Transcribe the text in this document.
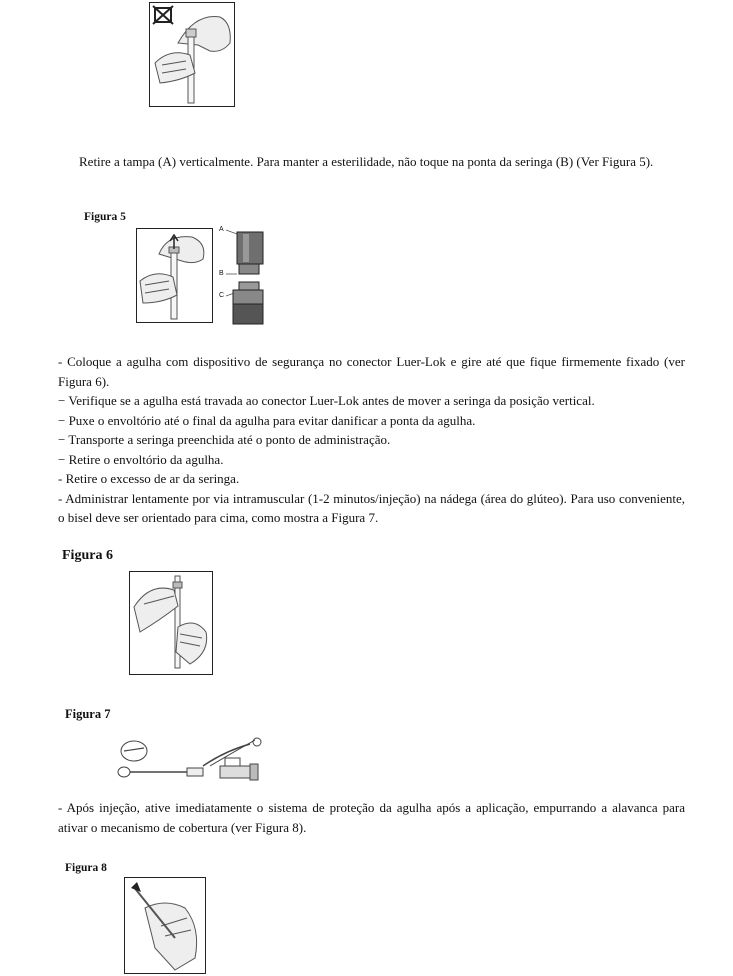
Retire a tampa (A) verticalmente. Para manter a esterilidade, não toque na ponta da seringa (B) (Ver Figura 5).
Figura 5
A
B
C
- Coloque a agulha com dispositivo de segurança no conector Luer-Lok e gire até que fique firmemente fixado (ver Figura 6).
− Verifique se a agulha está travada ao conector Luer-Lok antes de mover a seringa da posição vertical.
− Puxe o envoltório até o final da agulha para evitar danificar a ponta da agulha.
− Transporte a seringa preenchida até o ponto de administração.
− Retire o envoltório da agulha.
- Retire o excesso de ar da seringa.
- Administrar lentamente por via intramuscular (1-2 minutos/injeção) na nádega (área do glúteo). Para uso conveniente, o bisel deve ser orientado para cima, como mostra a Figura 7.
Figura 6
Figura 7
- Após injeção, ative imediatamente o sistema de proteção da agulha após a aplicação, empurrando a alavanca para ativar o mecanismo de cobertura (ver Figura 8).
Figura 8
